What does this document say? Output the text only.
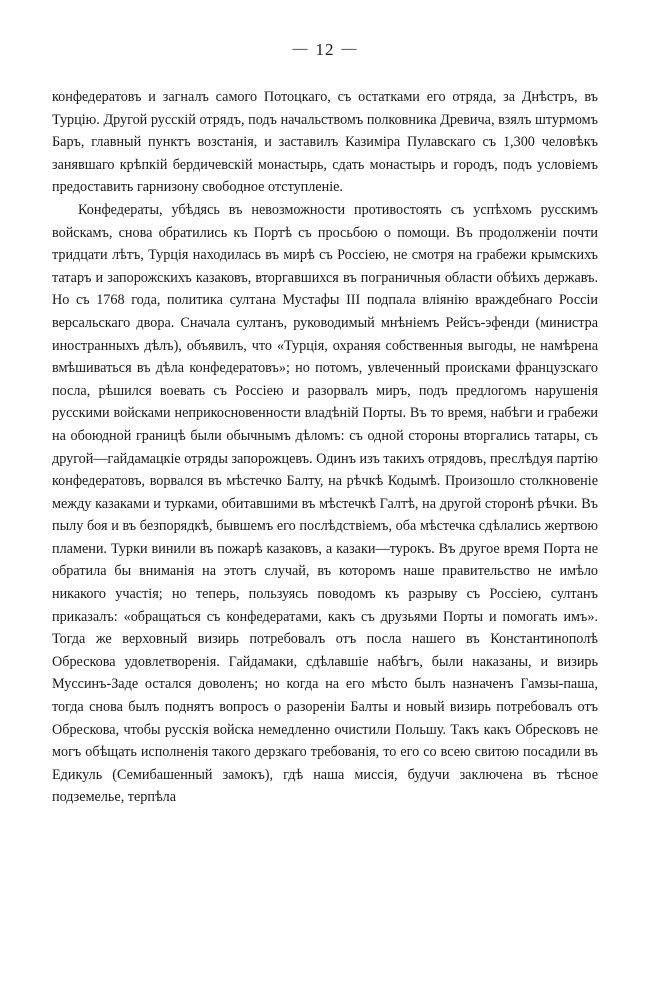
— 12 —

конфедератовъ и загналъ самого Потоцкаго, съ остатками его отряда, за Днѣстръ, въ Турцію. Другой русскій отрядъ, подъ начальствомъ полковника Древича, взялъ штурмомъ Баръ, главный пунктъ возстанія, и заставилъ Казиміра Пулавскаго съ 1,300 человѣкъ занявшаго крѣпкій бердичевскій монастырь, сдать монастырь и городъ, подъ условіемъ предоставить гарнизону свободное отступленіе.

Конфедераты, убѣдясь въ невозможности противостоять съ успѣхомъ русскимъ войскамъ, снова обратились къ Портѣ съ просьбою о помощи. Въ продолженіи почти тридцати лѣтъ, Турція находилась въ мирѣ съ Россіею, не смотря на грабежи крымскихъ татаръ и запорожскихъ казаковъ, вторгавшихся въ пограничныя области обѣихъ державъ. Но съ 1768 года, политика султана Мустафы III подпала вліянію враждебнаго Россіи версальскаго двора. Сначала султанъ, руководимый мнѣніемъ Рейсъ-эфенди (министра иностранныхъ дѣлъ), объявилъ, что «Турція, охраняя собственныя выгоды, не намѣрена вмѣшиваться въ дѣла конфедератовъ»; но потомъ, увлеченный происками французскаго посла, рѣшился воевать съ Россіею и разорвалъ миръ, подъ предлогомъ нарушенія русскими войсками неприкосновенности владѣній Порты. Въ то время, набѣги и грабежи на обоюдной границѣ были обычнымъ дѣломъ: съ одной стороны вторгались татары, съ другой—гайдамацкіе отряды запорожцевъ. Одинъ изъ такихъ отрядовъ, преслѣдуя партію конфедератовъ, ворвался въ мѣстечко Балту, на рѣчкѣ Кодымѣ. Произошло столкновеніе между казаками и турками, обитавшими въ мѣстечкѣ Галтѣ, на другой сторонѣ рѣчки. Въ пылу боя и въ безпорядкѣ, бывшемъ его послѣдствіемъ, оба мѣстечка сдѣлались жертвою пламени. Турки винили въ пожарѣ казаковъ, а казаки—турокъ. Въ другое время Порта не обратила бы вниманія на этотъ случай, въ которомъ наше правительство не имѣло никакого участія; но теперь, пользуясь поводомъ къ разрыву съ Россіею, султанъ приказалъ: «обращаться съ конфедератами, какъ съ друзьями Порты и помогать имъ». Тогда же верховный визирь потребовалъ отъ посла нашего въ Константинополѣ Обрескова удовлетворенія. Гайдамаки, сдѣлавшіе набѣгъ, были наказаны, и визирь Муссинъ-Заде остался доволенъ; но когда на его мѣсто былъ назначенъ Гамзы-паша, тогда снова былъ поднятъ вопросъ о разореніи Балты и новый визирь потребовалъ отъ Обрескова, чтобы русскія войска немедленно очистили Польшу. Такъ какъ Обресковъ не могъ обѣщать исполненія такого дерзкаго требованія, то его со всею свитою посадили въ Едикуль (Семибашенный замокъ), гдѣ наша миссія, будучи заключена въ тѣсное подземелье, терпѣла
